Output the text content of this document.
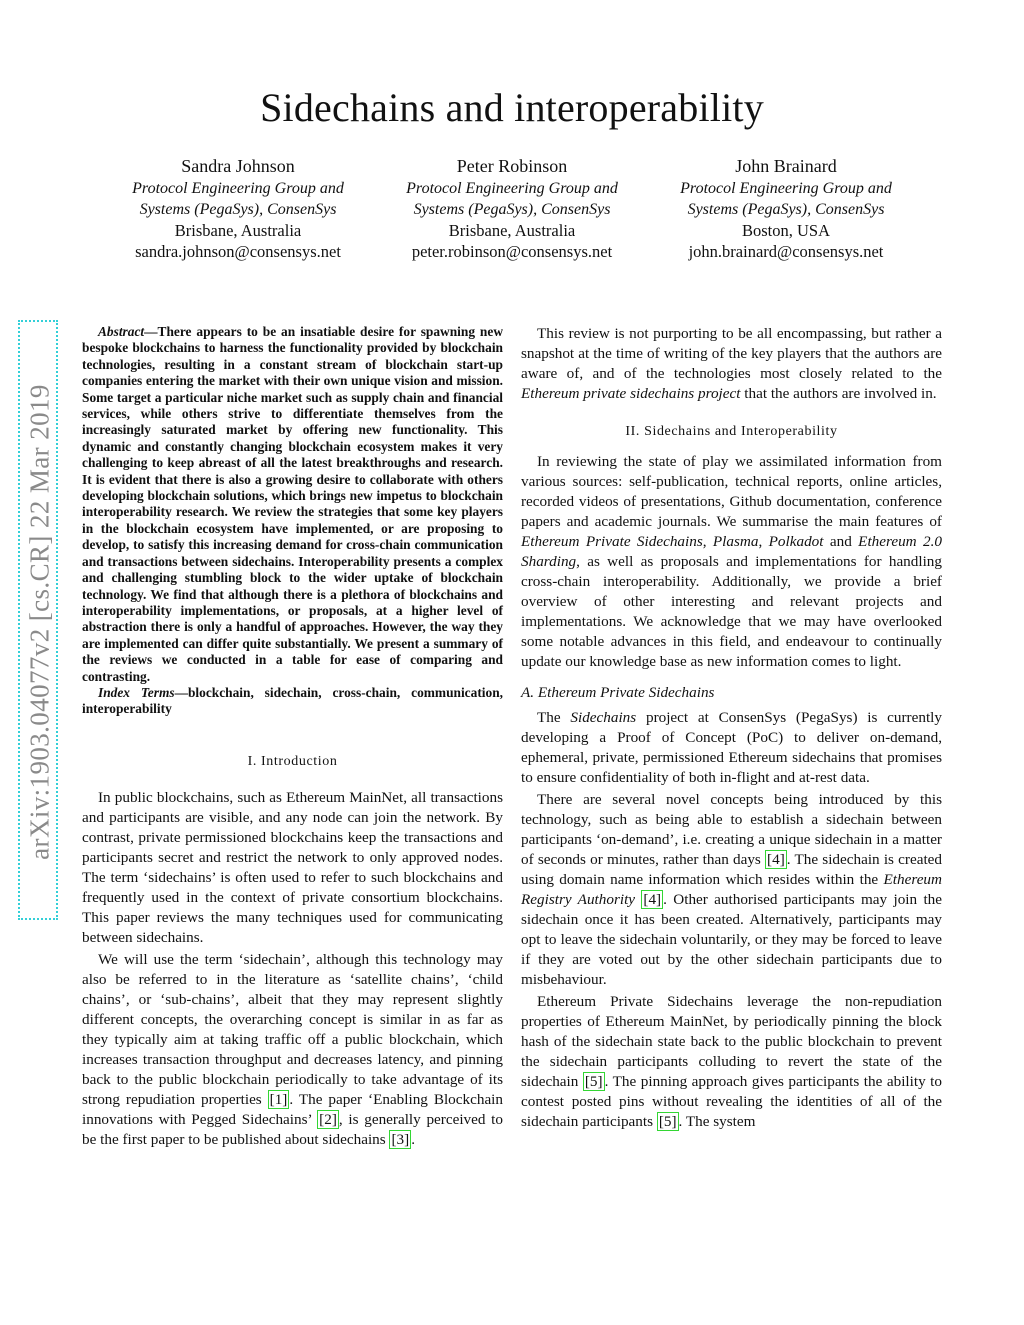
Sidechains and interoperability
Sandra Johnson
Protocol Engineering Group and
Systems (PegaSys), ConsenSys
Brisbane, Australia
sandra.johnson@consensys.net
Peter Robinson
Protocol Engineering Group and
Systems (PegaSys), ConsenSys
Brisbane, Australia
peter.robinson@consensys.net
John Brainard
Protocol Engineering Group and
Systems (PegaSys), ConsenSys
Boston, USA
john.brainard@consensys.net
arXiv:1903.04077v2 [cs.CR] 22 Mar 2019

Abstract—There appears to be an insatiable desire for spawning new bespoke blockchains to harness the functionality provided by blockchain technologies, resulting in a constant stream of blockchain start-up companies entering the market with their own unique vision and mission. Some target a particular niche market such as supply chain and financial services, while others strive to differentiate themselves from the increasingly saturated market by offering new functionality. This dynamic and constantly changing blockchain ecosystem makes it very challenging to keep abreast of all the latest breakthroughs and research. It is evident that there is also a growing desire to collaborate with others developing blockchain solutions, which brings new impetus to blockchain interoperability research. We review the strategies that some key players in the blockchain ecosystem have implemented, or are proposing to develop, to satisfy this increasing demand for cross-chain communication and transactions between sidechains. Interoperability presents a complex and challenging stumbling block to the wider uptake of blockchain technology. We find that although there is a plethora of blockchains and interoperability implementations, or proposals, at a higher level of abstraction there is only a handful of approaches. However, the way they are implemented can differ quite substantially. We present a summary of the reviews we conducted in a table for ease of comparing and contrasting.

Index Terms—blockchain, sidechain, cross-chain, communication, interoperability

I. Introduction

In public blockchains, such as Ethereum MainNet, all transactions and participants are visible, and any node can join the network. By contrast, private permissioned blockchains keep the transactions and participants secret and restrict the network to only approved nodes. The term ‘sidechains’ is often used to refer to such blockchains and frequently used in the context of private consortium blockchains. This paper reviews the many techniques used for communicating between sidechains.

We will use the term ‘sidechain’, although this technology may also be referred to in the literature as ‘satellite chains’, ‘child chains’, or ‘sub-chains’, albeit that they may represent slightly different concepts, the overarching concept is similar in as far as they typically aim at taking traffic off a public blockchain, which increases transaction throughput and decreases latency, and pinning back to the public blockchain periodically to take advantage of its strong repudiation properties [1] . The paper ‘Enabling Blockchain innovations with Pegged Sidechains’ [2] , is generally perceived to be the first paper to be published about sidechains [3] .

This review is not purporting to be all encompassing, but rather a snapshot at the time of writing of the key players that the authors are aware of, and of the technologies most closely related to the Ethereum private sidechains project that the authors are involved in.

II. Sidechains and Interoperability

In reviewing the state of play we assimilated information from various sources: self-publication, technical reports, online articles, recorded videos of presentations, Github documentation, conference papers and academic journals. We summarise the main features of Ethereum Private Sidechains, Plasma, Polkadot and Ethereum 2.0 Sharding, as well as proposals and implementations for handling cross-chain interoperability. Additionally, we provide a brief overview of other interesting and relevant projects and implementations. We acknowledge that we may have overlooked some notable advances in this field, and endeavour to continually update our knowledge base as new information comes to light.

A. Ethereum Private Sidechains

The Sidechains project at ConsenSys (PegaSys) is currently developing a Proof of Concept (PoC) to deliver on-demand, ephemeral, private, permissioned Ethereum sidechains that promises to ensure confidentiality of both in-flight and at-rest data.

There are several novel concepts being introduced by this technology, such as being able to establish a sidechain between participants ‘on-demand’, i.e. creating a unique sidechain in a matter of seconds or minutes, rather than days [4] . The sidechain is created using domain name information which resides within the Ethereum Registry Authority [4] . Other authorised participants may join the sidechain once it has been created. Alternatively, participants may opt to leave the sidechain voluntarily, or they may be forced to leave if they are voted out by the other sidechain participants due to misbehaviour.

Ethereum Private Sidechains leverage the non-repudiation properties of Ethereum MainNet, by periodically pinning the block hash of the sidechain state back to the public blockchain to prevent the sidechain participants colluding to revert the state of the sidechain [5] . The pinning approach gives participants the ability to contest posted pins without revealing the identities of all of the sidechain participants [5] . The system
